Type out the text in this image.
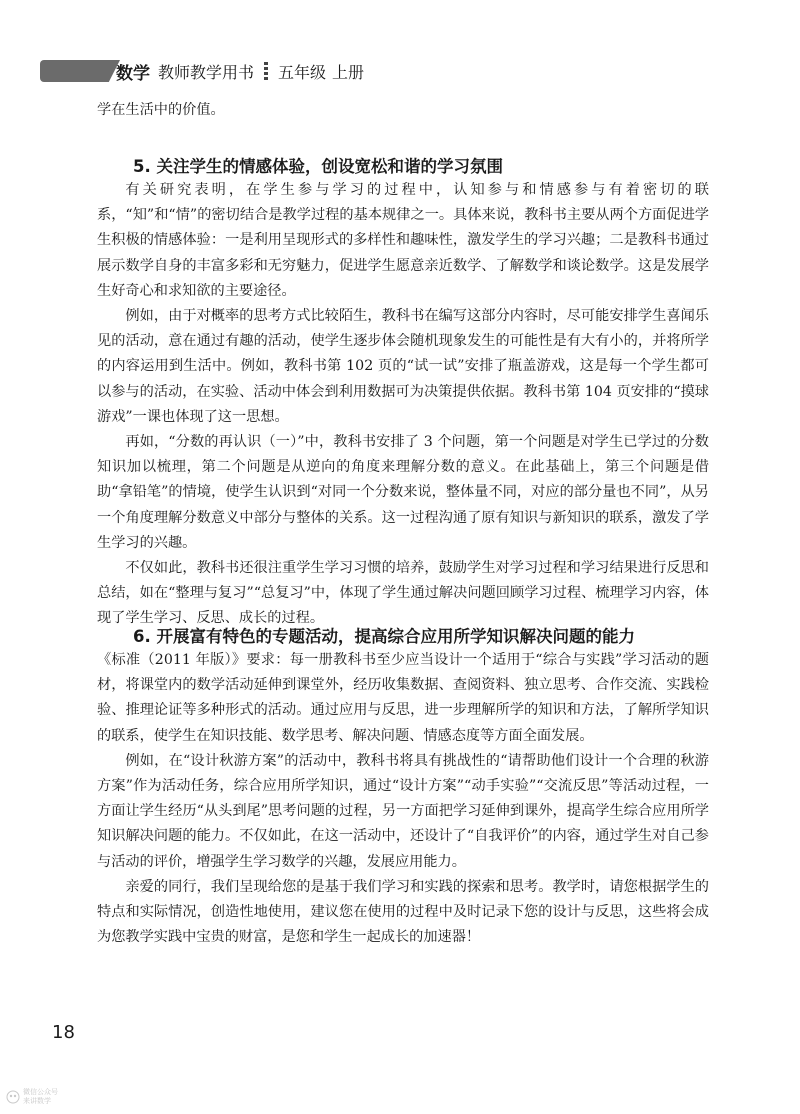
数学 教师教学用书 五年级 上册

学在生活中的价值。

5. 关注学生的情感体验，创设宽松和谐的学习氛围

有关研究表明，在学生参与学习的过程中，认知参与和情感参与有着密切的联系，“知”和“情”的密切结合是教学过程的基本规律之一。具体来说，教科书主要从两个方面促进学生积极的情感体验：一是利用呈现形式的多样性和趣味性，激发学生的学习兴趣；二是教科书通过展示数学自身的丰富多彩和无穷魅力，促进学生愿意亲近数学、了解数学和谈论数学。这是发展学生好奇心和求知欲的主要途径。

例如，由于对概率的思考方式比较陌生，教科书在编写这部分内容时，尽可能安排学生喜闻乐见的活动，意在通过有趣的活动，使学生逐步体会随机现象发生的可能性是有大有小的，并将所学的内容运用到生活中。例如，教科书第 102 页的“试一试”安排了瓶盖游戏，这是每一个学生都可以参与的活动，在实验、活动中体会到利用数据可为决策提供依据。教科书第 104 页安排的“摸球游戏”一课也体现了这一思想。

再如，“分数的再认识（一）”中，教科书安排了 3 个问题，第一个问题是对学生已学过的分数知识加以梳理，第二个问题是从逆向的角度来理解分数的意义。在此基础上，第三个问题是借助“拿铅笔”的情境，使学生认识到“对同一个分数来说，整体量不同，对应的部分量也不同”，从另一个角度理解分数意义中部分与整体的关系。这一过程沟通了原有知识与新知识的联系，激发了学生学习的兴趣。

不仅如此，教科书还很注重学生学习习惯的培养，鼓励学生对学习过程和学习结果进行反思和总结，如在“整理与复习”“总复习”中，体现了学生通过解决问题回顾学习过程、梳理学习内容，体现了学生学习、反思、成长的过程。

6. 开展富有特色的专题活动，提高综合应用所学知识解决问题的能力

《标准（2011 年版）》要求：每一册教科书至少应当设计一个适用于“综合与实践”学习活动的题材，将课堂内的数学活动延伸到课堂外，经历收集数据、查阅资料、独立思考、合作交流、实践检验、推理论证等多种形式的活动。通过应用与反思，进一步理解所学的知识和方法，了解所学知识的联系，使学生在知识技能、数学思考、解决问题、情感态度等方面全面发展。

例如，在“设计秋游方案”的活动中，教科书将具有挑战性的“请帮助他们设计一个合理的秋游方案”作为活动任务，综合应用所学知识，通过“设计方案”“动手实验”“交流反思”等活动过程，一方面让学生经历“从头到尾”思考问题的过程，另一方面把学习延伸到课外，提高学生综合应用所学知识解决问题的能力。不仅如此，在这一活动中，还设计了“自我评价”的内容，通过学生对自己参与活动的评价，增强学生学习数学的兴趣，发展应用能力。

亲爱的同行，我们呈现给您的是基于我们学习和实践的探索和思考。教学时，请您根据学生的特点和实际情况，创造性地使用，建议您在使用的过程中及时记录下您的设计与反思，这些将会成为您教学实践中宝贵的财富，是您和学生一起成长的加速器！

18
微信公众号
来讲数学
